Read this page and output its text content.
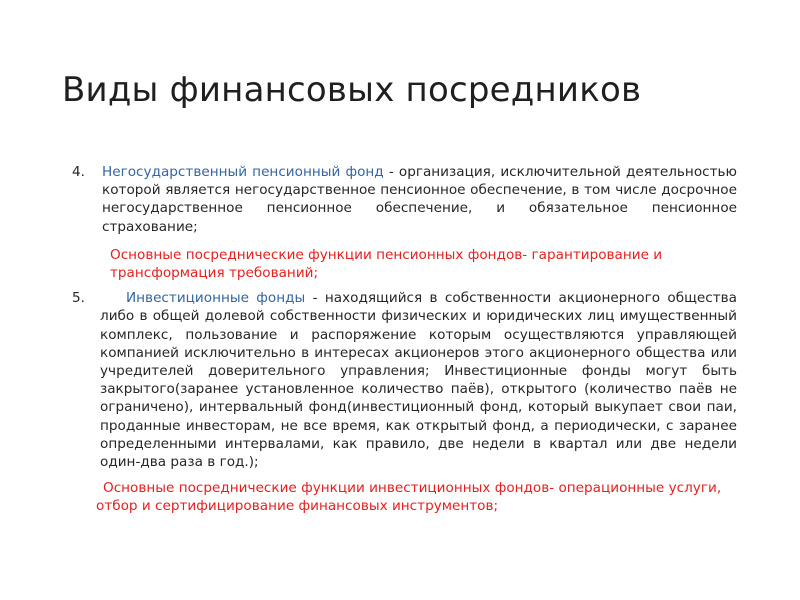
Виды финансовых посредников
4.	Негосударственный пенсионный фонд - организация, исключительной деятельностью которой является негосударственное пенсионное обеспечение, в том числе досрочное негосударственное пенсионное обеспечение, и обязательное пенсионное страхование;
Основные посреднические функции пенсионных фондов- гарантирование и трансформация требований;
5.	Инвестиционные фонды - находящийся в собственности акционерного общества либо в общей долевой собственности физических и юридических лиц имущественный комплекс, пользование и распоряжение которым осуществляются управляющей компанией исключительно в интересах акционеров этого акционерного общества или учредителей доверительного управления; Инвестиционные фонды могут быть закрытого(заранее установленное количество паёв), открытого (количество паёв не ограничено), интервальный фонд(инвестиционный фонд, который выкупает свои паи, проданные инвесторам, не все время, как открытый фонд, а периодически, с заранее определенными интервалами, как правило, две недели в квартал или две недели один-два раза в год.);
Основные посреднические функции инвестиционных фондов- операционные услуги, отбор и сертифицирование финансовых инструментов;
